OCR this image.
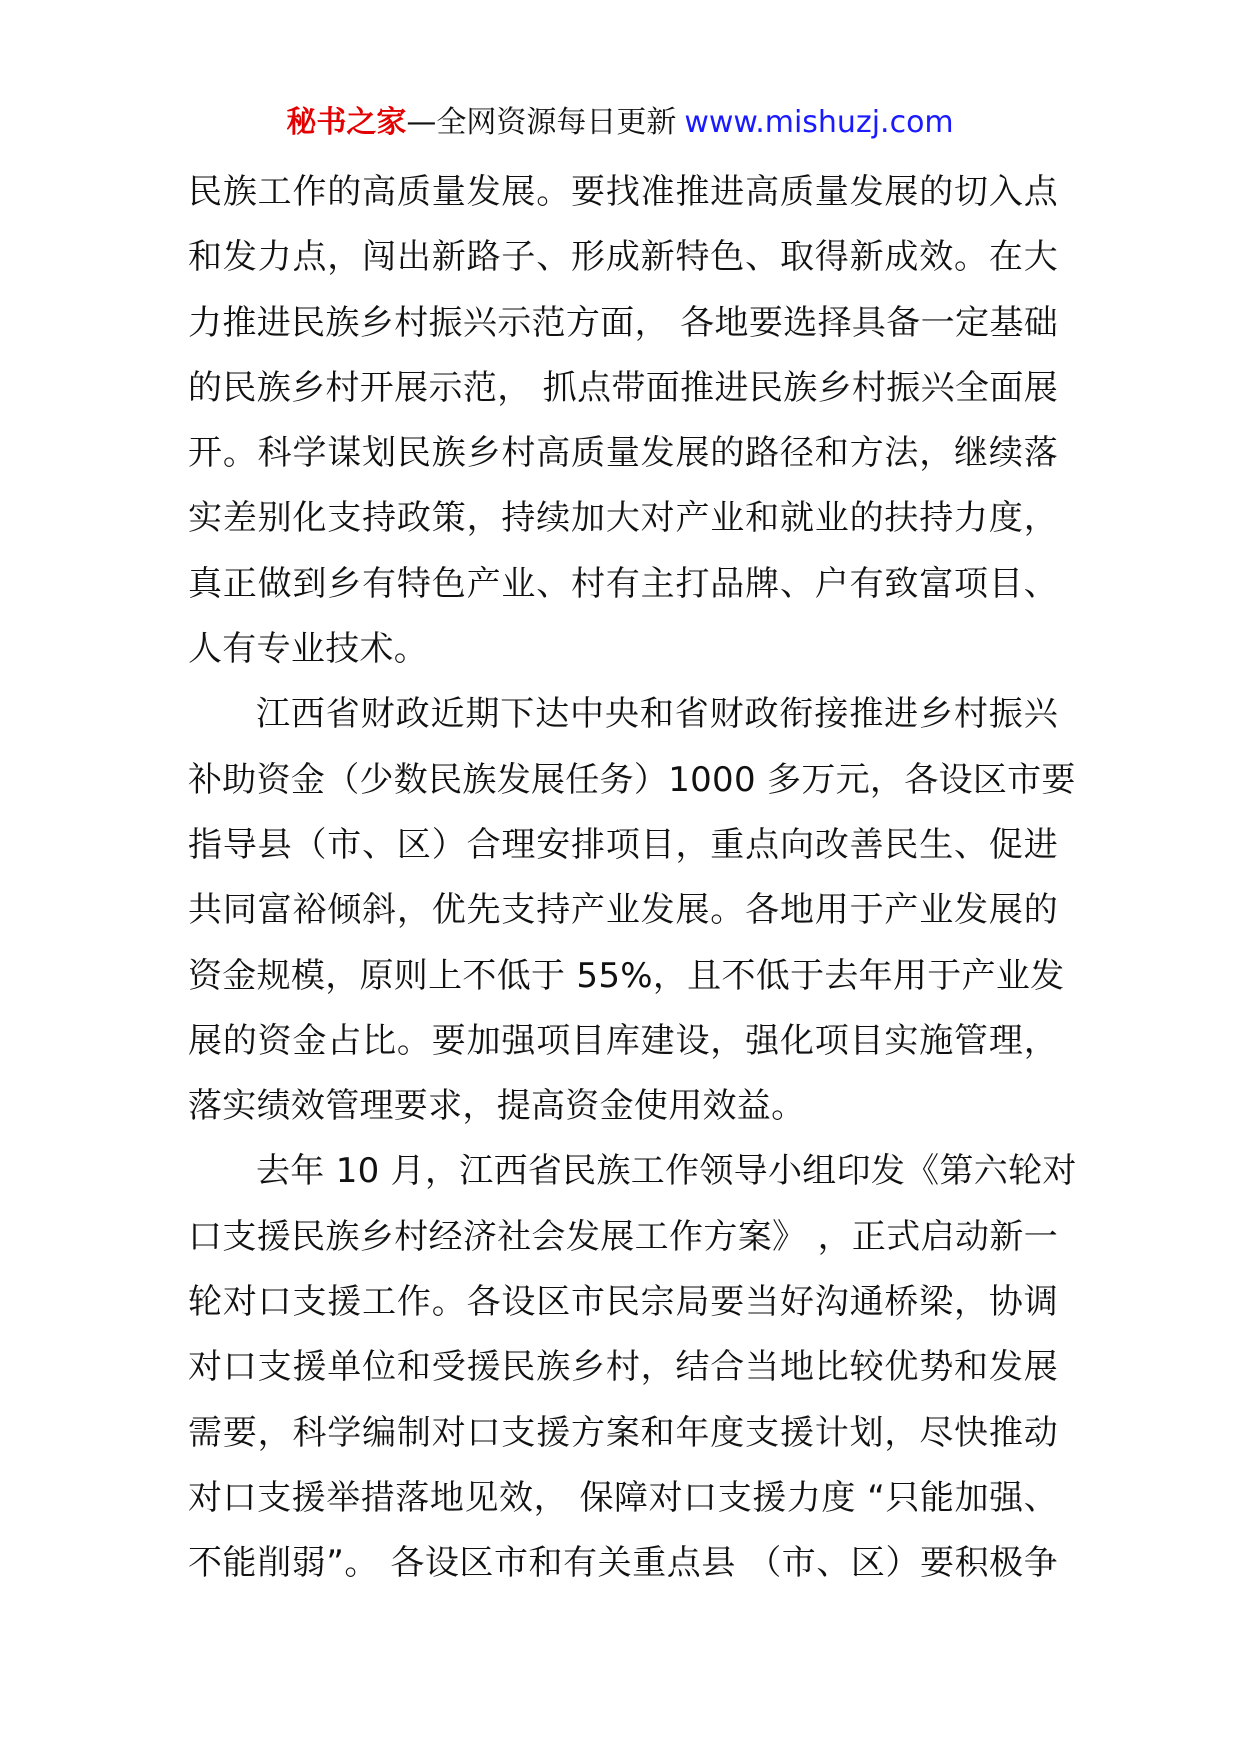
秘书之家—全网资源每日更新 www.mishuzj.com
民族工作的高质量发展。要找准推进高质量发展的切入点
和发力点，闯出新路子、形成新特色、取得新成效。在大
力推进民族乡村振兴示范方面， 各地要选择具备一定基础
的民族乡村开展示范， 抓点带面推进民族乡村振兴全面展
开。科学谋划民族乡村高质量发展的路径和方法，继续落
实差别化支持政策，持续加大对产业和就业的扶持力度，
真正做到乡有特色产业、村有主打品牌、户有致富项目、
人有专业技术。
江西省财政近期下达中央和省财政衔接推进乡村振兴
补助资金（少数民族发展任务）1000 多万元，各设区市要
指导县（市、区）合理安排项目，重点向改善民生、促进
共同富裕倾斜，优先支持产业发展。各地用于产业发展的
资金规模，原则上不低于 55%，且不低于去年用于产业发
展的资金占比。要加强项目库建设，强化项目实施管理，
落实绩效管理要求，提高资金使用效益。
去年 10 月，江西省民族工作领导小组印发《第六轮对
口支援民族乡村经济社会发展工作方案》 ，正式启动新一
轮对口支援工作。各设区市民宗局要当好沟通桥梁，协调
对口支援单位和受援民族乡村，结合当地比较优势和发展
需要，科学编制对口支援方案和年度支援计划，尽快推动
对口支援举措落地见效， 保障对口支援力度 “只能加强、
不能削弱”。 各设区市和有关重点县 （市、区）要积极争
